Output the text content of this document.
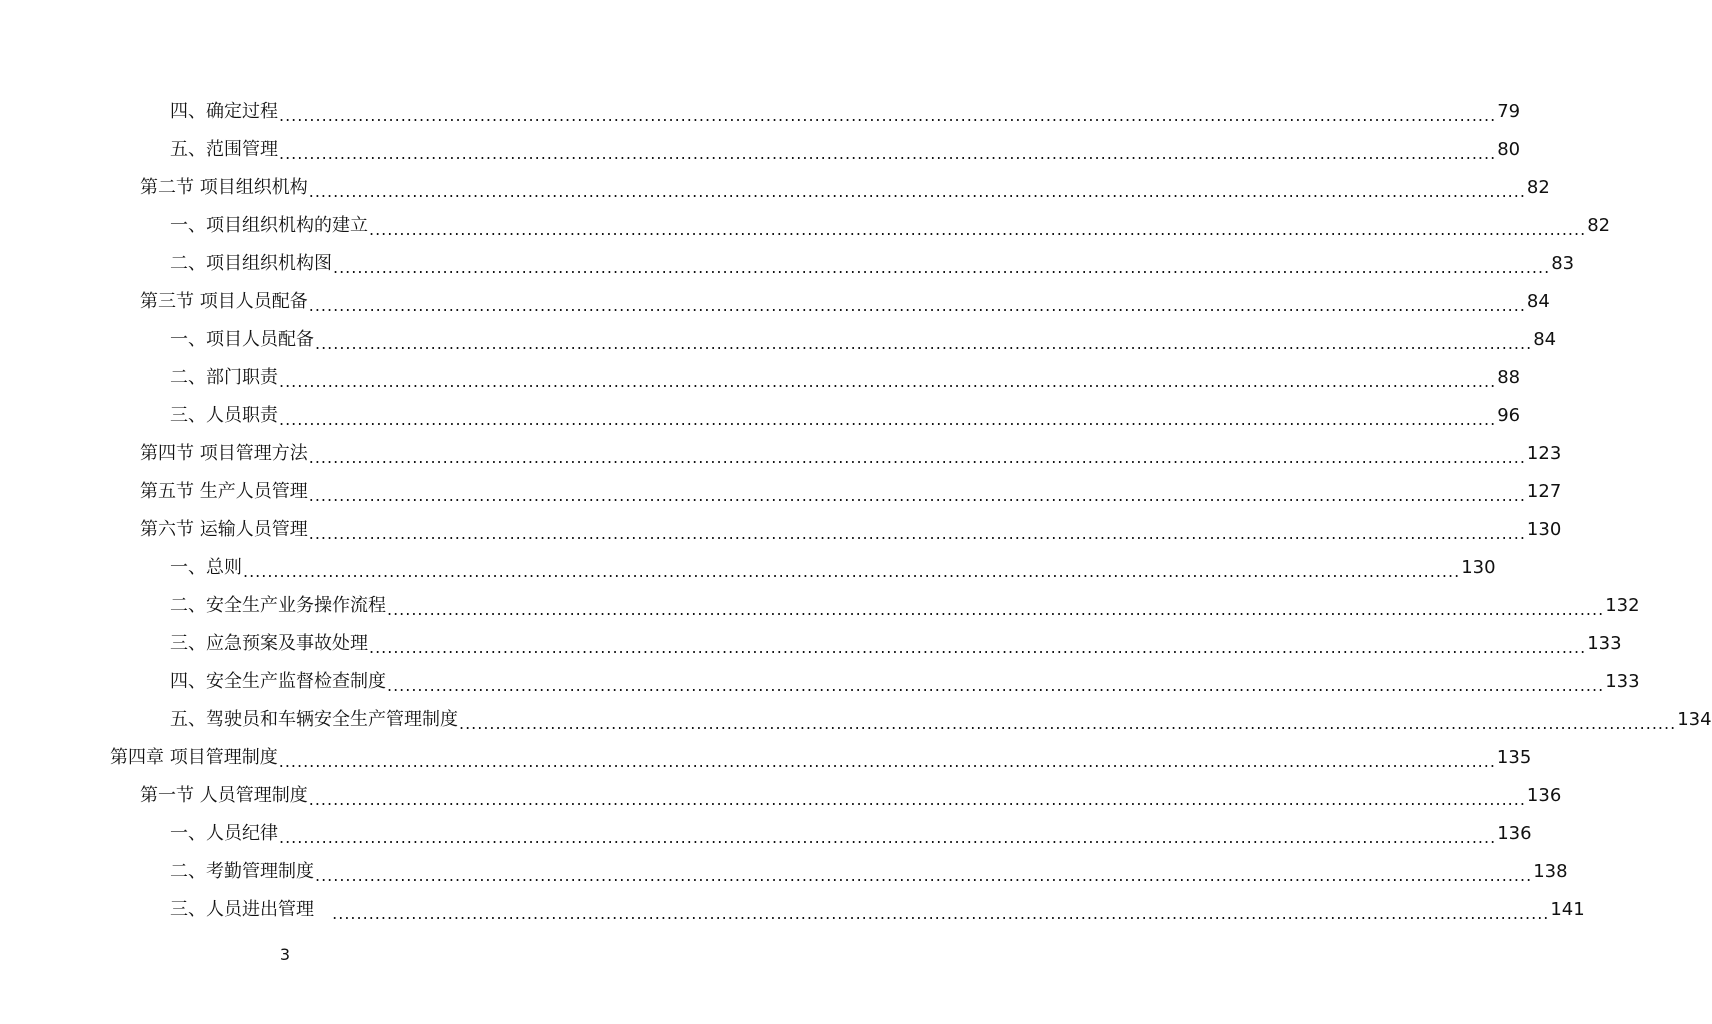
四、确定过程 ........................................................................................................................................................................................................ 79
五、范围管理 ........................................................................................................................................................................................................ 80
第二节 项目组织机构 ........................................................................................................................................................................................................ 82
一、项目组织机构的建立 ........................................................................................................................................................................................................ 82
二、项目组织机构图 ........................................................................................................................................................................................................ 83
第三节 项目人员配备 ........................................................................................................................................................................................................ 84
一、项目人员配备 ........................................................................................................................................................................................................ 84
二、部门职责 ........................................................................................................................................................................................................ 88
三、人员职责 ........................................................................................................................................................................................................ 96
第四节 项目管理方法 ........................................................................................................................................................................................................ 123
第五节 生产人员管理 ........................................................................................................................................................................................................ 127
第六节 运输人员管理 ........................................................................................................................................................................................................ 130
一、总则 ........................................................................................................................................................................................................ 130
二、安全生产业务操作流程 ........................................................................................................................................................................................................ 132
三、应急预案及事故处理 ........................................................................................................................................................................................................ 133
四、安全生产监督检查制度 ........................................................................................................................................................................................................ 133
五、驾驶员和车辆安全生产管理制度 ........................................................................................................................................................................................................ 134
第四章 项目管理制度 ........................................................................................................................................................................................................ 135
第一节 人员管理制度 ........................................................................................................................................................................................................ 136
一、人员纪律 ........................................................................................................................................................................................................ 136
二、考勤管理制度 ........................................................................................................................................................................................................ 138
三、人员进出管理 ........................................................................................................................................................................................................ 141
3
